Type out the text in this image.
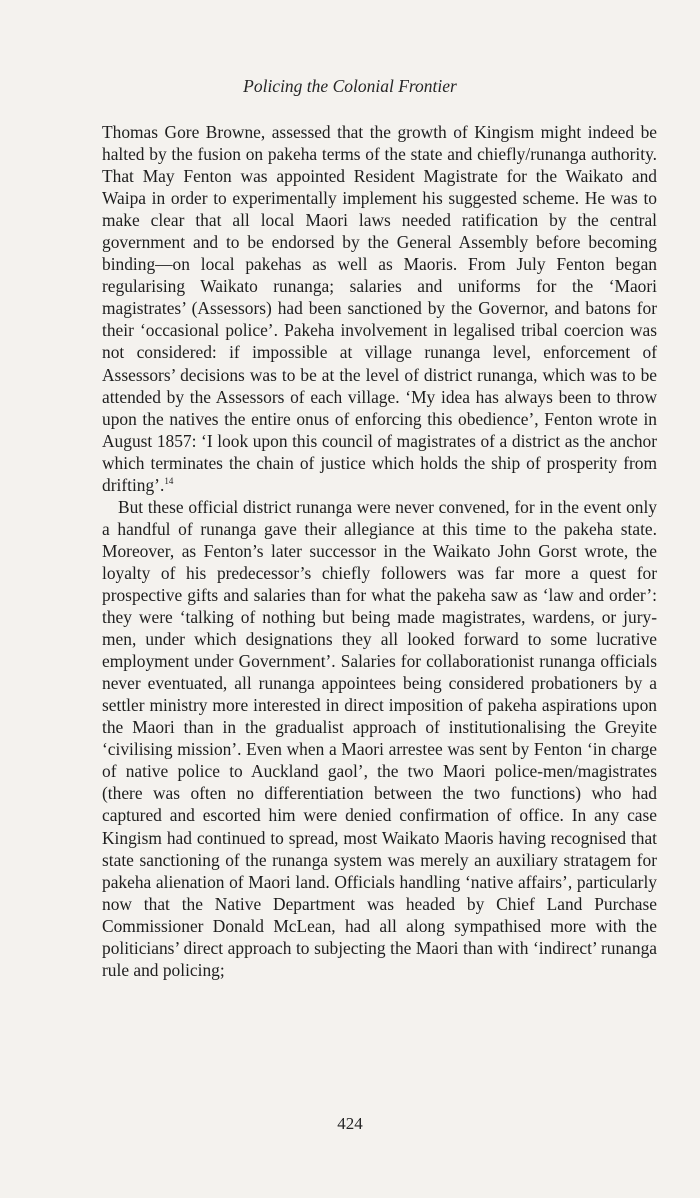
Policing the Colonial Frontier

Thomas Gore Browne, assessed that the growth of Kingism might indeed be halted by the fusion on pakeha terms of the state and chiefly/runanga authority. That May Fenton was appointed Resident Magistrate for the Waikato and Waipa in order to experimentally implement his suggested scheme. He was to make clear that all local Maori laws needed ratification by the central government and to be endorsed by the General Assembly before becoming binding—on local pakehas as well as Maoris. From July Fenton began regularising Waikato runanga; salaries and uniforms for the ‘Maori magistrates’ (Assessors) had been sanctioned by the Governor, and batons for their ‘occasional police’. Pakeha involvement in legalised tribal coercion was not considered: if impossible at village runanga level, enforcement of Assessors’ decisions was to be at the level of district runanga, which was to be attended by the Assessors of each village. ‘My idea has always been to throw upon the natives the entire onus of enforcing this obedience’, Fenton wrote in August 1857: ‘I look upon this council of magistrates of a district as the anchor which terminates the chain of justice which holds the ship of prosperity from drifting’.$^{14}$

But these official district runanga were never convened, for in the event only a handful of runanga gave their allegiance at this time to the pakeha state. Moreover, as Fenton’s later successor in the Waikato John Gorst wrote, the loyalty of his predecessor’s chiefly followers was far more a quest for prospective gifts and salaries than for what the pakeha saw as ‘law and order’: they were ‘talking of nothing but being made magistrates, wardens, or jury-men, under which designations they all looked forward to some lucrative employment under Government’. Salaries for collaborationist runanga officials never eventuated, all runanga appointees being considered probationers by a settler ministry more interested in direct imposition of pakeha aspirations upon the Maori than in the gradualist approach of institutionalising the Greyite ‘civilising mission’. Even when a Maori arrestee was sent by Fenton ‘in charge of native police to Auckland gaol’, the two Maori police-men/magistrates (there was often no differentiation between the two functions) who had captured and escorted him were denied confirmation of office. In any case Kingism had continued to spread, most Waikato Maoris having recognised that state sanctioning of the runanga system was merely an auxiliary stratagem for pakeha alienation of Maori land. Officials handling ‘native affairs’, particularly now that the Native Department was headed by Chief Land Purchase Commissioner Donald McLean, had all along sympathised more with the politicians’ direct approach to subjecting the Maori than with ‘indirect’ runanga rule and policing;

424
